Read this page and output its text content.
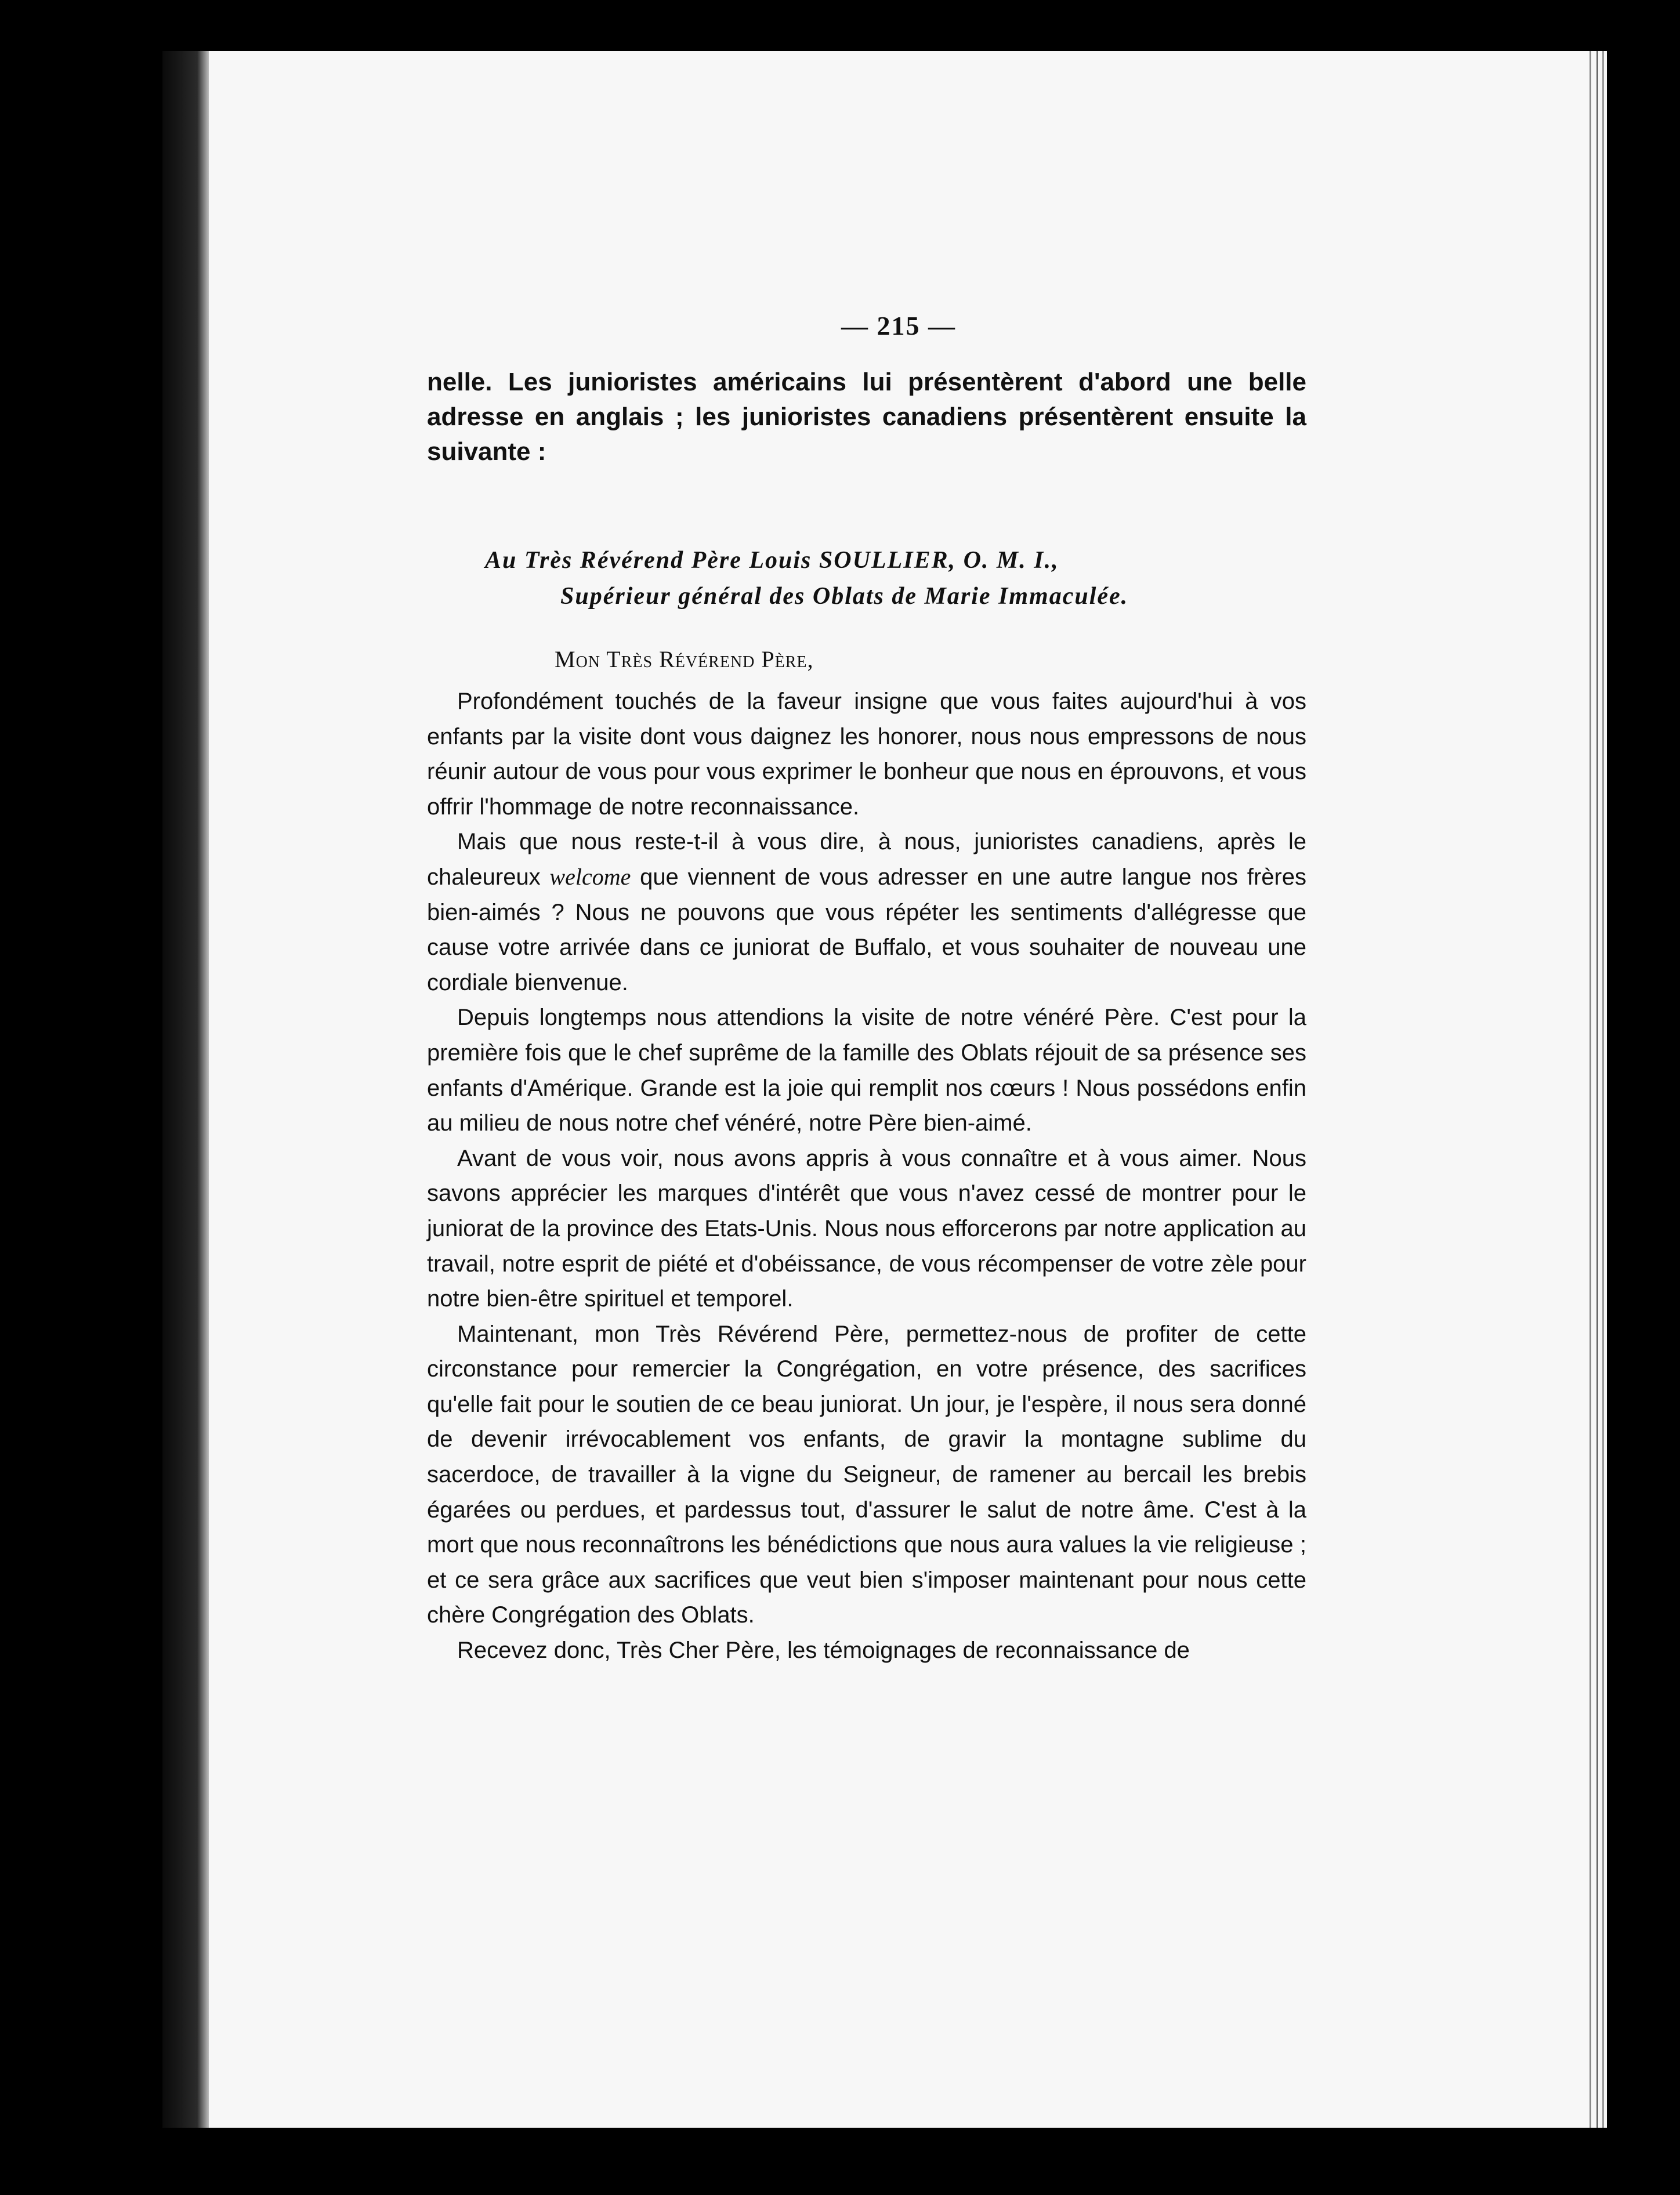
— 215 —

nelle. Les junioristes américains lui présentèrent d'abord une belle adresse en anglais ; les junioristes canadiens présentèrent ensuite la suivante :

Au Très Révérend Père Louis SOULLIER, O. M. I.,

Supérieur général des Oblats de Marie Immaculée.

Mon Très Révérend Père,

Profondément touchés de la faveur insigne que vous faites aujourd'hui à vos enfants par la visite dont vous daignez les honorer, nous nous empressons de nous réunir autour de vous pour vous exprimer le bonheur que nous en éprouvons, et vous offrir l'hommage de notre reconnaissance.

Mais que nous reste-t-il à vous dire, à nous, junioristes canadiens, après le chaleureux welcome que viennent de vous adresser en une autre langue nos frères bien-aimés ? Nous ne pouvons que vous répéter les sentiments d'allégresse que cause votre arrivée dans ce juniorat de Buffalo, et vous souhaiter de nouveau une cordiale bienvenue.

Depuis longtemps nous attendions la visite de notre vénéré Père. C'est pour la première fois que le chef suprême de la famille des Oblats réjouit de sa présence ses enfants d'Amérique. Grande est la joie qui remplit nos cœurs ! Nous possédons enfin au milieu de nous notre chef vénéré, notre Père bien-aimé.

Avant de vous voir, nous avons appris à vous connaître et à vous aimer. Nous savons apprécier les marques d'intérêt que vous n'avez cessé de montrer pour le juniorat de la province des Etats-Unis. Nous nous efforcerons par notre application au travail, notre esprit de piété et d'obéissance, de vous récompenser de votre zèle pour notre bien-être spirituel et temporel.

Maintenant, mon Très Révérend Père, permettez-nous de profiter de cette circonstance pour remercier la Congrégation, en votre présence, des sacrifices qu'elle fait pour le soutien de ce beau juniorat. Un jour, je l'espère, il nous sera donné de devenir irrévocablement vos enfants, de gravir la montagne sublime du sacerdoce, de travailler à la vigne du Seigneur, de ramener au bercail les brebis égarées ou perdues, et pardessus tout, d'assurer le salut de notre âme. C'est à la mort que nous reconnaîtrons les bénédictions que nous aura values la vie religieuse ; et ce sera grâce aux sacrifices que veut bien s'imposer maintenant pour nous cette chère Congrégation des Oblats.

Recevez donc, Très Cher Père, les témoignages de reconnaissance de
